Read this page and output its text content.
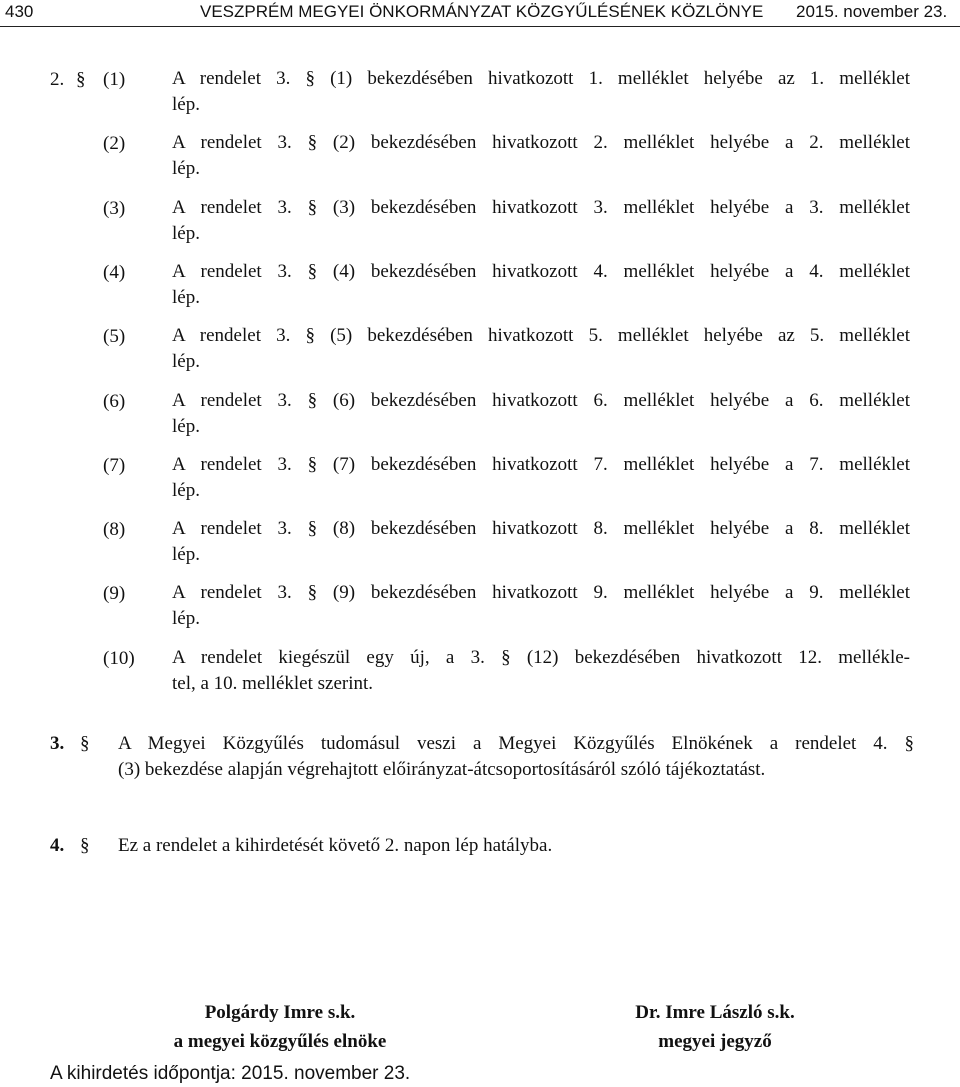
430	VESZPRÉM MEGYEI ÖNKORMÁNYZAT KÖZGYŰLÉSÉNEK KÖZLÖNYE 2015. november 23.
2. § (1) A rendelet 3. § (1) bekezdésében hivatkozott 1. melléklet helyébe az 1. melléklet
lép.
(2) A rendelet 3. § (2) bekezdésében hivatkozott 2. melléklet helyébe a 2. melléklet
lép.
(3) A rendelet 3. § (3) bekezdésében hivatkozott 3. melléklet helyébe a 3. melléklet
lép.
(4) A rendelet 3. § (4) bekezdésében hivatkozott 4. melléklet helyébe a 4. melléklet
lép.
(5) A rendelet 3. § (5) bekezdésében hivatkozott 5. melléklet helyébe az 5. melléklet
lép.
(6) A rendelet 3. § (6) bekezdésében hivatkozott 6. melléklet helyébe a 6. melléklet
lép.
(7) A rendelet 3. § (7) bekezdésében hivatkozott 7. melléklet helyébe a 7. melléklet
lép.
(8) A rendelet 3. § (8) bekezdésében hivatkozott 8. melléklet helyébe a 8. melléklet
lép.
(9) A rendelet 3. § (9) bekezdésében hivatkozott 9. melléklet helyébe a 9. melléklet
lép.
(10) A rendelet kiegészül egy új, a 3. § (12) bekezdésében hivatkozott 12. mellékle-
tel, a 10. melléklet szerint.
3. § A Megyei Közgyűlés tudomásul veszi a Megyei Közgyűlés Elnökének a rendelet 4. §
(3) bekezdése alapján végrehajtott előirányzat-átcsoportosításáról szóló tájékoztatást.
4. § Ez a rendelet a kihirdetését követő 2. napon lép hatályba.
Polgárdy Imre s.k.
a megyei közgyűlés elnöke
Dr. Imre László s.k.
megyei jegyző
A kihirdetés időpontja: 2015. november 23.
